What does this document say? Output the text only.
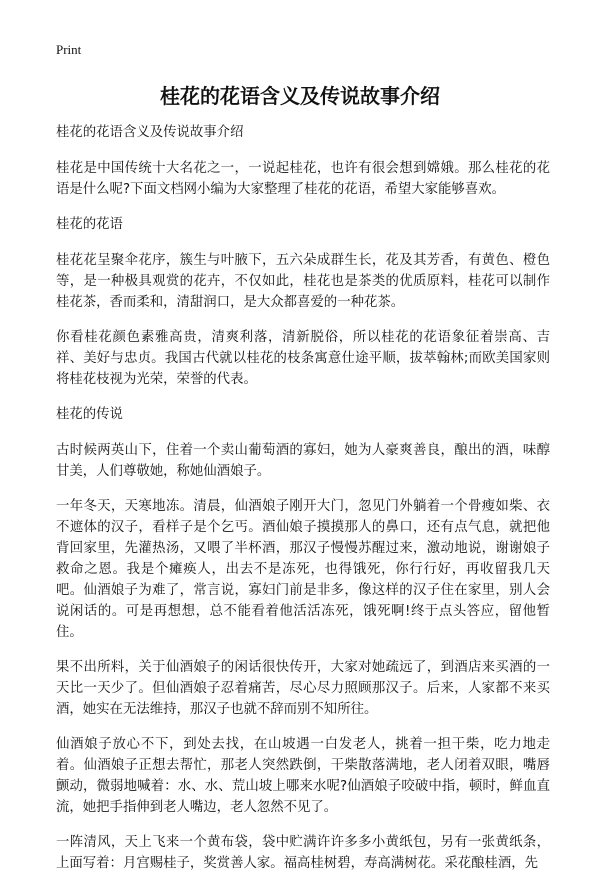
Print
桂花的花语含义及传说故事介绍

桂花的花语含义及传说故事介绍

桂花是中国传统十大名花之一，一说起桂花，也许有很会想到嫦娥。那么桂花的花语是什么呢?下面文档网小编为大家整理了桂花的花语，希望大家能够喜欢。

桂花的花语

桂花花呈聚伞花序，簇生与叶腋下，五六朵成群生长，花及其芳香，有黄色、橙色等，是一种极具观赏的花卉，不仅如此，桂花也是茶类的优质原料，桂花可以制作桂花茶，香而柔和，清甜润口，是大众都喜爱的一种花茶。

你看桂花颜色素雅高贵，清爽利落，清新脱俗，所以桂花的花语象征着崇高、吉祥、美好与忠贞。我国古代就以桂花的枝条寓意仕途平顺，拔萃翰林;而欧美国家则将桂花枝视为光荣，荣誉的代表。

桂花的传说

古时候两英山下，住着一个卖山葡萄酒的寡妇，她为人豪爽善良，酿出的酒，味醇甘美，人们尊敬她，称她仙酒娘子。

一年冬天，天寒地冻。清晨，仙酒娘子刚开大门，忽见门外躺着一个骨瘦如柴、衣不遮体的汉子，看样子是个乞丐。酒仙娘子摸摸那人的鼻口，还有点气息，就把他背回家里，先灌热汤，又喂了半杯酒，那汉子慢慢苏醒过来，激动地说，谢谢娘子救命之恩。我是个瘫痪人，出去不是冻死，也得饿死，你行行好，再收留我几天吧。仙酒娘子为难了，常言说，寡妇门前是非多，像这样的汉子住在家里，别人会说闲话的。可是再想想，总不能看着他活活冻死，饿死啊!终于点头答应，留他暂住。

果不出所料，关于仙酒娘子的闲话很快传开，大家对她疏远了，到酒店来买酒的一天比一天少了。但仙酒娘子忍着痛苦，尽心尽力照顾那汉子。后来，人家都不来买酒，她实在无法维持，那汉子也就不辞而别不知所往。

仙酒娘子放心不下，到处去找，在山坡遇一白发老人，挑着一担干柴，吃力地走着。仙酒娘子正想去帮忙，那老人突然跌倒，干柴散落满地，老人闭着双眼，嘴唇颤动，微弱地喊着：水、水、荒山坡上哪来水呢?仙酒娘子咬破中指，顿时，鲜血直流，她把手指伸到老人嘴边，老人忽然不见了。

一阵清风，天上飞来一个黄布袋，袋中贮满许许多多小黄纸包，另有一张黄纸条，上面写着：月宫赐桂子，奖赏善人家。福高桂树碧，寿高满树花。采花酿桂酒，先
